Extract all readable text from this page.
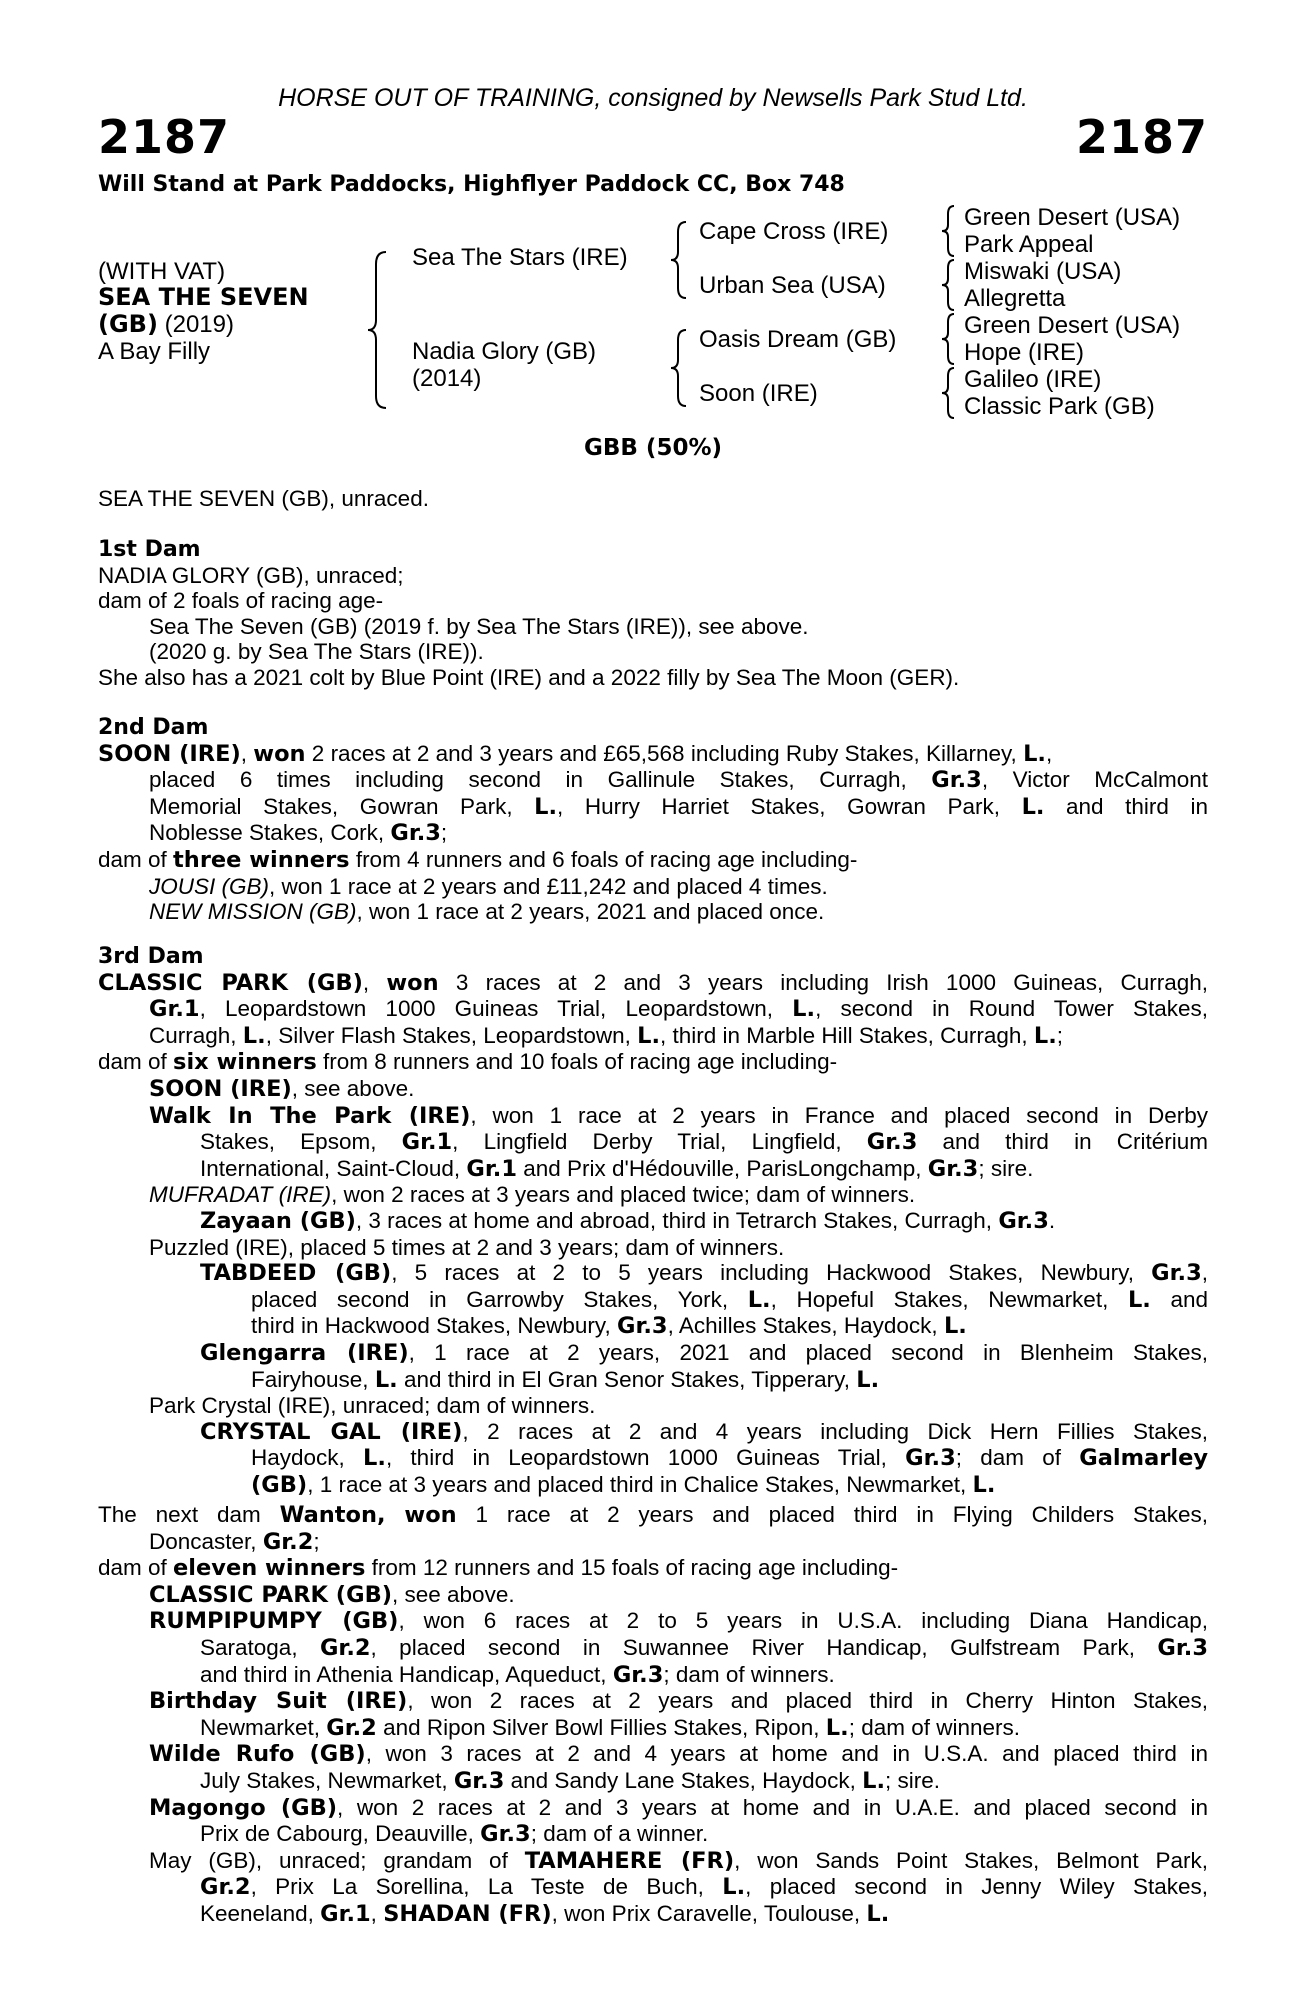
HORSE OUT OF TRAINING, consigned by Newsells Park Stud Ltd.
2187	2187
Will Stand at Park Paddocks, Highflyer Paddock CC, Box 748
(WITH VAT)
SEA THE SEVEN
(GB) (2019)
A Bay Filly
Sea The Stars (IRE)
Nadia Glory (GB)
(2014)
Cape Cross (IRE)
Urban Sea (USA)
Oasis Dream (GB)
Soon (IRE)
Green Desert (USA)
Park Appeal
Miswaki (USA)
Allegretta
Green Desert (USA)
Hope (IRE)
Galileo (IRE)
Classic Park (GB)
GBB (50%)
SEA THE SEVEN (GB), unraced.
1st Dam
NADIA GLORY (GB), unraced;
dam of 2 foals of racing age-
Sea The Seven (GB) (2019 f. by Sea The Stars (IRE)), see above.
(2020 g. by Sea The Stars (IRE)).
She also has a 2021 colt by Blue Point (IRE) and a 2022 filly by Sea The Moon (GER).
2nd Dam
SOON (IRE), won 2 races at 2 and 3 years and £65,568 including Ruby Stakes, Killarney, L.,
placed 6 times including second in Gallinule Stakes, Curragh, Gr.3, Victor McCalmont
Memorial Stakes, Gowran Park, L., Hurry Harriet Stakes, Gowran Park, L. and third in
Noblesse Stakes, Cork, Gr.3;
dam of three winners from 4 runners and 6 foals of racing age including-
JOUSI (GB), won 1 race at 2 years and £11,242 and placed 4 times.
NEW MISSION (GB), won 1 race at 2 years, 2021 and placed once.
3rd Dam
CLASSIC PARK (GB), won 3 races at 2 and 3 years including Irish 1000 Guineas, Curragh,
Gr.1, Leopardstown 1000 Guineas Trial, Leopardstown, L., second in Round Tower Stakes,
Curragh, L., Silver Flash Stakes, Leopardstown, L., third in Marble Hill Stakes, Curragh, L.;
dam of six winners from 8 runners and 10 foals of racing age including-
SOON (IRE), see above.
Walk In The Park (IRE), won 1 race at 2 years in France and placed second in Derby
Stakes, Epsom, Gr.1, Lingfield Derby Trial, Lingfield, Gr.3 and third in Critérium
International, Saint-Cloud, Gr.1 and Prix d'Hédouville, ParisLongchamp, Gr.3; sire.
MUFRADAT (IRE), won 2 races at 3 years and placed twice; dam of winners.
Zayaan (GB), 3 races at home and abroad, third in Tetrarch Stakes, Curragh, Gr.3.
Puzzled (IRE), placed 5 times at 2 and 3 years; dam of winners.
TABDEED (GB), 5 races at 2 to 5 years including Hackwood Stakes, Newbury, Gr.3,
placed second in Garrowby Stakes, York, L., Hopeful Stakes, Newmarket, L. and
third in Hackwood Stakes, Newbury, Gr.3, Achilles Stakes, Haydock, L.
Glengarra (IRE), 1 race at 2 years, 2021 and placed second in Blenheim Stakes,
Fairyhouse, L. and third in El Gran Senor Stakes, Tipperary, L.
Park Crystal (IRE), unraced; dam of winners.
CRYSTAL GAL (IRE), 2 races at 2 and 4 years including Dick Hern Fillies Stakes,
Haydock, L., third in Leopardstown 1000 Guineas Trial, Gr.3; dam of Galmarley
(GB), 1 race at 3 years and placed third in Chalice Stakes, Newmarket, L.
The next dam Wanton, won 1 race at 2 years and placed third in Flying Childers Stakes,
Doncaster, Gr.2;
dam of eleven winners from 12 runners and 15 foals of racing age including-
CLASSIC PARK (GB), see above.
RUMPIPUMPY (GB), won 6 races at 2 to 5 years in U.S.A. including Diana Handicap,
Saratoga, Gr.2, placed second in Suwannee River Handicap, Gulfstream Park, Gr.3
and third in Athenia Handicap, Aqueduct, Gr.3; dam of winners.
Birthday Suit (IRE), won 2 races at 2 years and placed third in Cherry Hinton Stakes,
Newmarket, Gr.2 and Ripon Silver Bowl Fillies Stakes, Ripon, L.; dam of winners.
Wilde Rufo (GB), won 3 races at 2 and 4 years at home and in U.S.A. and placed third in
July Stakes, Newmarket, Gr.3 and Sandy Lane Stakes, Haydock, L.; sire.
Magongo (GB), won 2 races at 2 and 3 years at home and in U.A.E. and placed second in
Prix de Cabourg, Deauville, Gr.3; dam of a winner.
May (GB), unraced; grandam of TAMAHERE (FR), won Sands Point Stakes, Belmont Park,
Gr.2, Prix La Sorellina, La Teste de Buch, L., placed second in Jenny Wiley Stakes,
Keeneland, Gr.1, SHADAN (FR), won Prix Caravelle, Toulouse, L.
